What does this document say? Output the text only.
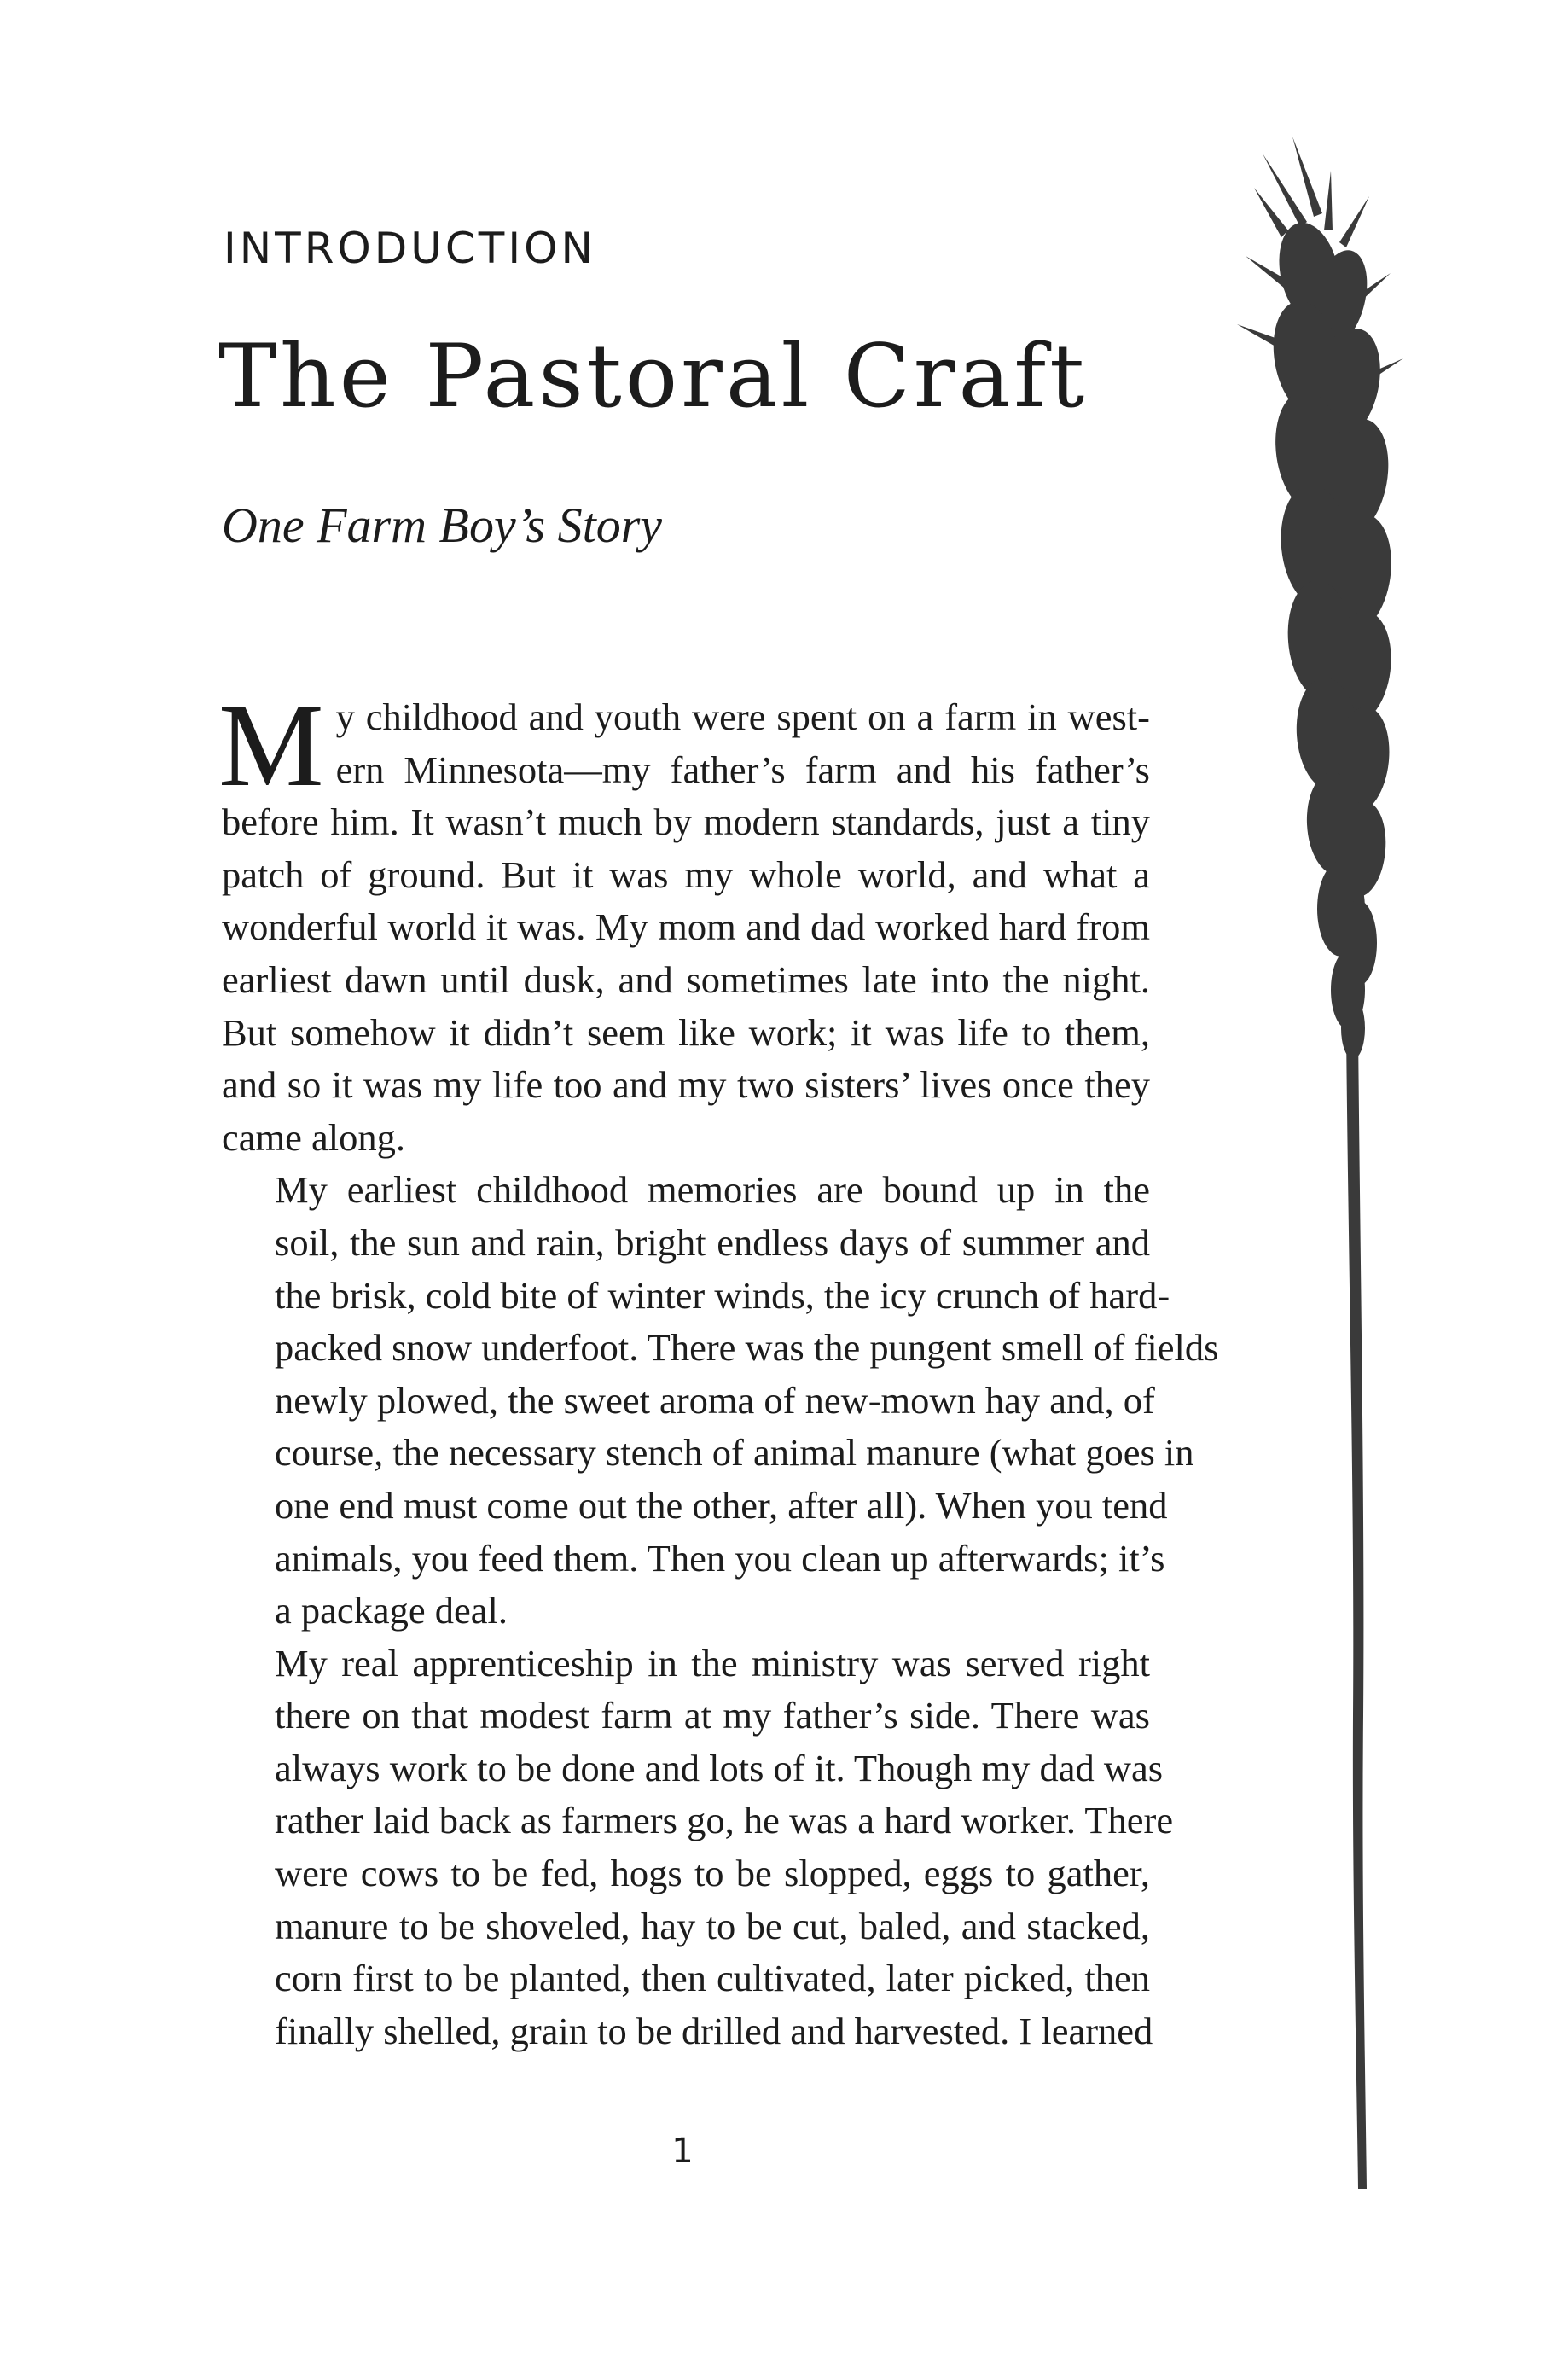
INTRODUCTION
The Pastoral Craft
One Farm Boy’s Story
M y childhood and youth were spent on a farm in west-
ern Minnesota—my father’s farm and his father’s
before him. It wasn’t much by modern standards, just a tiny
patch of ground. But it was my whole world, and what a
wonderful world it was. My mom and dad worked hard from
earliest dawn until dusk, and sometimes late into the night.
But somehow it didn’t seem like work; it was life to them,
and so it was my life too and my two sisters’ lives once they
came along.
My earliest childhood memories are bound up in the
soil, the sun and rain, bright endless days of summer and
the brisk, cold bite of winter winds, the icy crunch of hard-
packed snow underfoot. There was the pungent smell of fields
newly plowed, the sweet aroma of new-mown hay and, of
course, the necessary stench of animal manure (what goes in
one end must come out the other, after all). When you tend
animals, you feed them. Then you clean up afterwards; it’s
a package deal.
My real apprenticeship in the ministry was served right
there on that modest farm at my father’s side. There was
always work to be done and lots of it. Though my dad was
rather laid back as farmers go, he was a hard worker. There
were cows to be fed, hogs to be slopped, eggs to gather,
manure to be shoveled, hay to be cut, baled, and stacked,
corn first to be planted, then cultivated, later picked, then
finally shelled, grain to be drilled and harvested. I learned
1
